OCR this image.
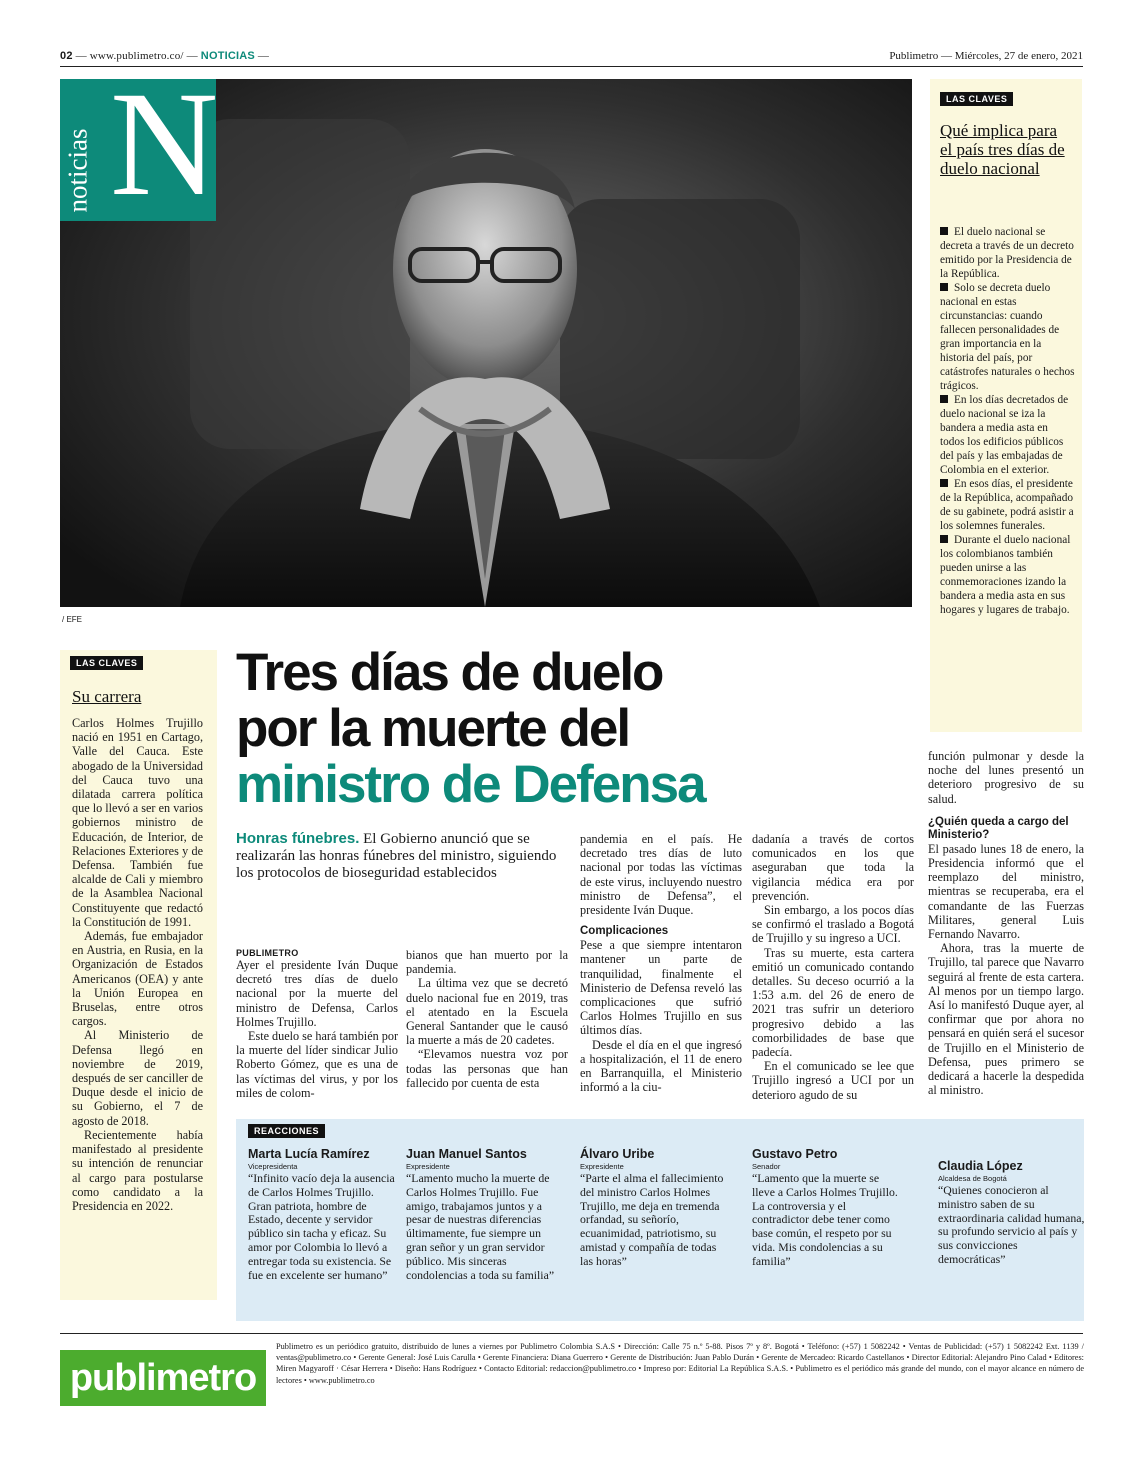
02 — www.publimetro.co/ — NOTICIAS —	Publimetro — Miércoles, 27 de enero, 2021
/ EFE
noticias N	LAS CLAVES
Qué implica para el país tres días de duelo nacional

El duelo nacional se decreta a través de un decreto emitido por la Presidencia de la República.

Solo se decreta duelo nacional en estas circunstancias: cuando fallecen personalidades de gran importancia en la historia del país, por catástrofes naturales o hechos trágicos.

En los días decretados de duelo nacional se iza la bandera a media asta en todos los edificios públicos del país y las embajadas de Colombia en el exterior.

En esos días, el presidente de la República, acompañado de su gabinete, podrá asistir a los solemnes funerales.

Durante el duelo nacional los colombianos también pueden unirse a las conmemoraciones izando la bandera a media asta en sus hogares y lugares de trabajo.

LAS CLAVES
Su carrera

Carlos Holmes Trujillo nació en 1951 en Cartago, Valle del Cauca. Este abogado de la Universidad del Cauca tuvo una dilatada carrera política que lo llevó a ser en varios gobiernos ministro de Educación, de Interior, de Relaciones Exteriores y de Defensa. También fue alcalde de Cali y miembro de la Asamblea Nacional Constituyente que redactó la Constitución de 1991.

Además, fue embajador en Austria, en Rusia, en la Organización de Estados Americanos (OEA) y ante la Unión Europea en Bruselas, entre otros cargos.

Al Ministerio de Defensa llegó en noviembre de 2019, después de ser canciller de Duque desde el inicio de su Gobierno, el 7 de agosto de 2018.

Recientemente había manifestado al presidente su intención de renunciar al cargo para postularse como candidato a la Presidencia en 2022.

Tres días de duelo
por la muerte del
ministro de Defensa
Honras fúnebres. El Gobierno anunció que se realizarán las honras fúnebres del ministro, siguiendo los protocolos de bioseguridad establecidos
PUBLIMETRO

Ayer el presidente Iván Duque decretó tres días de duelo nacional por la muerte del ministro de Defensa, Carlos Holmes Trujillo.

Este duelo se hará también por la muerte del líder sindicar Julio Roberto Gómez, que es una de las víctimas del virus, y por los miles de colom-

bianos que han muerto por la pandemia.

La última vez que se decretó duelo nacional fue en 2019, tras el atentado en la Escuela General Santander que le causó la muerte a más de 20 cadetes.

“Elevamos nuestra voz por todas las personas que han fallecido por cuenta de esta

pandemia en el país. He decretado tres días de luto nacional por todas las víctimas de este virus, incluyendo nuestro ministro de Defensa”, el presidente Iván Duque.

Complicaciones

Pese a que siempre intentaron mantener un parte de tranquilidad, finalmente el Ministerio de Defensa reveló las complicaciones que sufrió Carlos Holmes Trujillo en sus últimos días.

Desde el día en el que ingresó a hospitalización, el 11 de enero en Barranquilla, el Ministerio informó a la ciu-

dadanía a través de cortos comunicados en los que aseguraban que toda la vigilancia médica era por prevención.

Sin embargo, a los pocos días se confirmó el traslado a Bogotá de Trujillo y su ingreso a UCI.

Tras su muerte, esta cartera emitió un comunicado contando detalles. Su deceso ocurrió a la 1:53 a.m. del 26 de enero de 2021 tras sufrir un deterioro progresivo debido a las comorbilidades de base que padecía.

En el comunicado se lee que Trujillo ingresó a UCI por un deterioro agudo de su

función pulmonar y desde la noche del lunes presentó un deterioro progresivo de su salud.

¿Quién queda a cargo del Ministerio?

El pasado lunes 18 de enero, la Presidencia informó que el reemplazo del ministro, mientras se recuperaba, era el comandante de las Fuerzas Militares, general Luis Fernando Navarro.

Ahora, tras la muerte de Trujillo, tal parece que Navarro seguirá al frente de esta cartera. Al menos por un tiempo largo. Así lo manifestó Duque ayer, al confirmar que por ahora no pensará en quién será el sucesor de Trujillo en el Ministerio de Defensa, pues primero se dedicará a hacerle la despedida al ministro.

REACCIONES
Marta Lucía Ramírez
Vicepresidenta

“Infinito vacío deja la ausencia de Carlos Holmes Trujillo. Gran patriota, hombre de Estado, decente y servidor público sin tacha y eficaz. Su amor por Colombia lo llevó a entregar toda su existencia. Se fue en excelente ser humano”

Juan Manuel Santos
Expresidente

“Lamento mucho la muerte de Carlos Holmes Trujillo. Fue amigo, trabajamos juntos y a pesar de nuestras diferencias últimamente, fue siempre un gran señor y un gran servidor público. Mis sinceras condolencias a toda su familia”

Álvaro Uribe
Expresidente

“Parte el alma el fallecimiento del ministro Carlos Holmes Trujillo, me deja en tremenda orfandad, su señorío, ecuanimidad, patriotismo, su amistad y compañía de todas las horas”

Gustavo Petro
Senador

“Lamento que la muerte se lleve a Carlos Holmes Trujillo. La controversia y el contradictor debe tener como base común, el respeto por su vida. Mis condolencias a su familia”

Claudia López
Alcaldesa de Bogotá

“Quienes conocieron al ministro saben de su extraordinaria calidad humana, su profundo servicio al país y sus convicciones democráticas”

publimetro
Publimetro es un periódico gratuito, distribuido de lunes a viernes por Publimetro Colombia S.A.S • Dirección: Calle 75 n.º 5-88. Pisos 7º y 8º. Bogotá • Teléfono: (+57) 1 5082242 • Ventas de Publicidad: (+57) 1 5082242 Ext. 1139 / ventas@publimetro.co • Gerente General: José Luis Carulla • Gerente Financiera: Diana Guerrero • Gerente de Distribución: Juan Pablo Durán • Gerente de Mercadeo: Ricardo Castellanos • Director Editorial: Alejandro Pino Calad • Editores: Miren Magyaroff · César Herrera • Diseño: Hans Rodríguez • Contacto Editorial: redaccion@publimetro.co • Impreso por: Editorial La República S.A.S. • Publimetro es el periódico más grande del mundo, con el mayor alcance en número de lectores • www.publimetro.co
